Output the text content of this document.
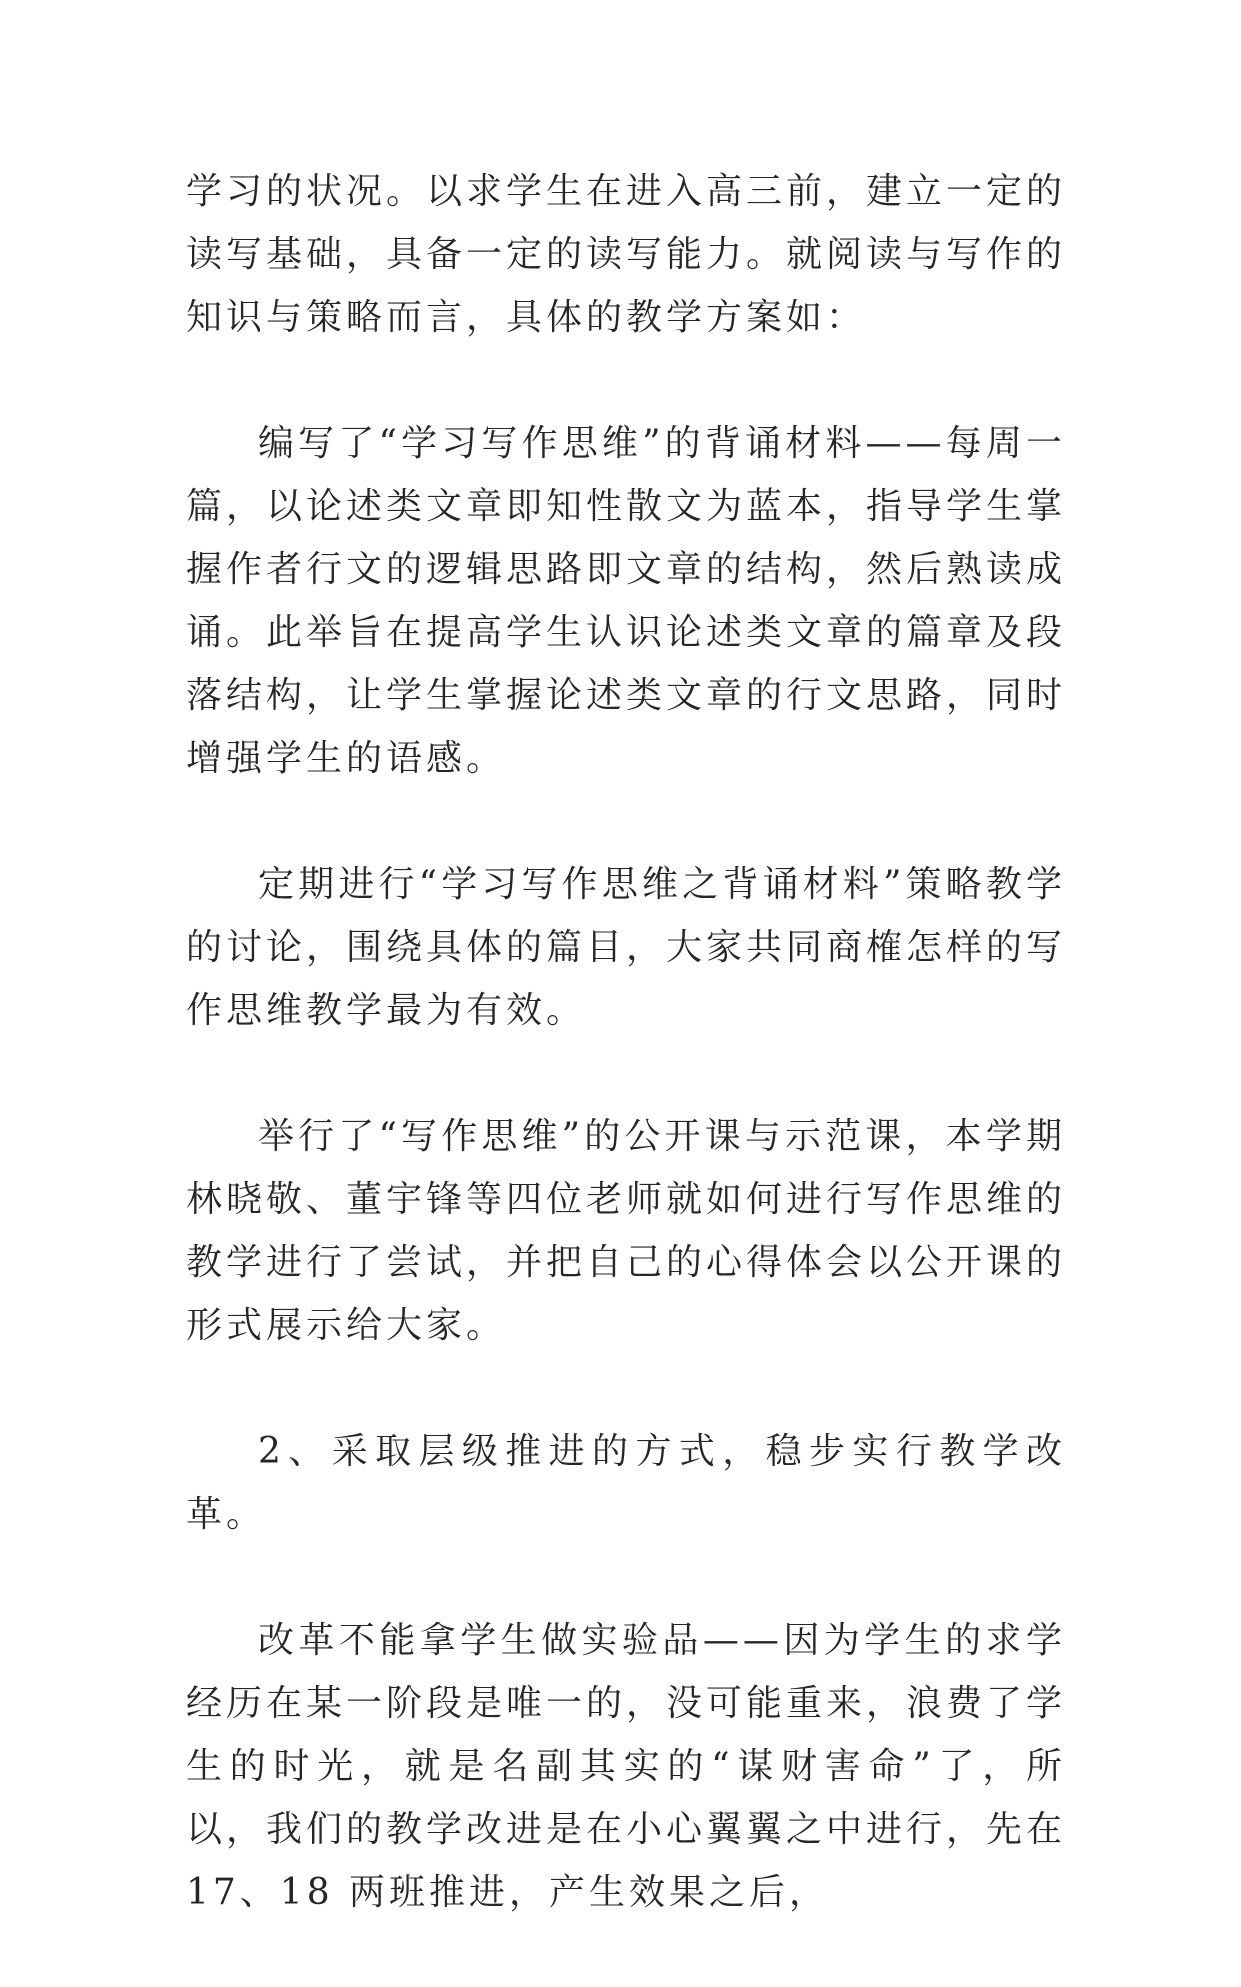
学习的状况。以求学生在进入高三前，建立一定的读写基础，具备一定的读写能力。就阅读与写作的知识与策略而言，具体的教学方案如：

编写了“学习写作思维”的背诵材料——每周一篇，以论述类文章即知性散文为蓝本，指导学生掌握作者行文的逻辑思路即文章的结构，然后熟读成诵。此举旨在提高学生认识论述类文章的篇章及段落结构，让学生掌握论述类文章的行文思路，同时增强学生的语感。

定期进行“学习写作思维之背诵材料”策略教学的讨论，围绕具体的篇目，大家共同商榷怎样的写作思维教学最为有效。

举行了“写作思维”的公开课与示范课，本学期林晓敬、董宇锋等四位老师就如何进行写作思维的教学进行了尝试，并把自己的心得体会以公开课的形式展示给大家。

2、采取层级推进的方式，稳步实行教学改革。

改革不能拿学生做实验品——因为学生的求学经历在某一阶段是唯一的，没可能重来，浪费了学生的时光，就是名副其实的“谋财害命”了，所以，我们的教学改进是在小心翼翼之中进行，先在 17、18 两班推进，产生效果之后，
